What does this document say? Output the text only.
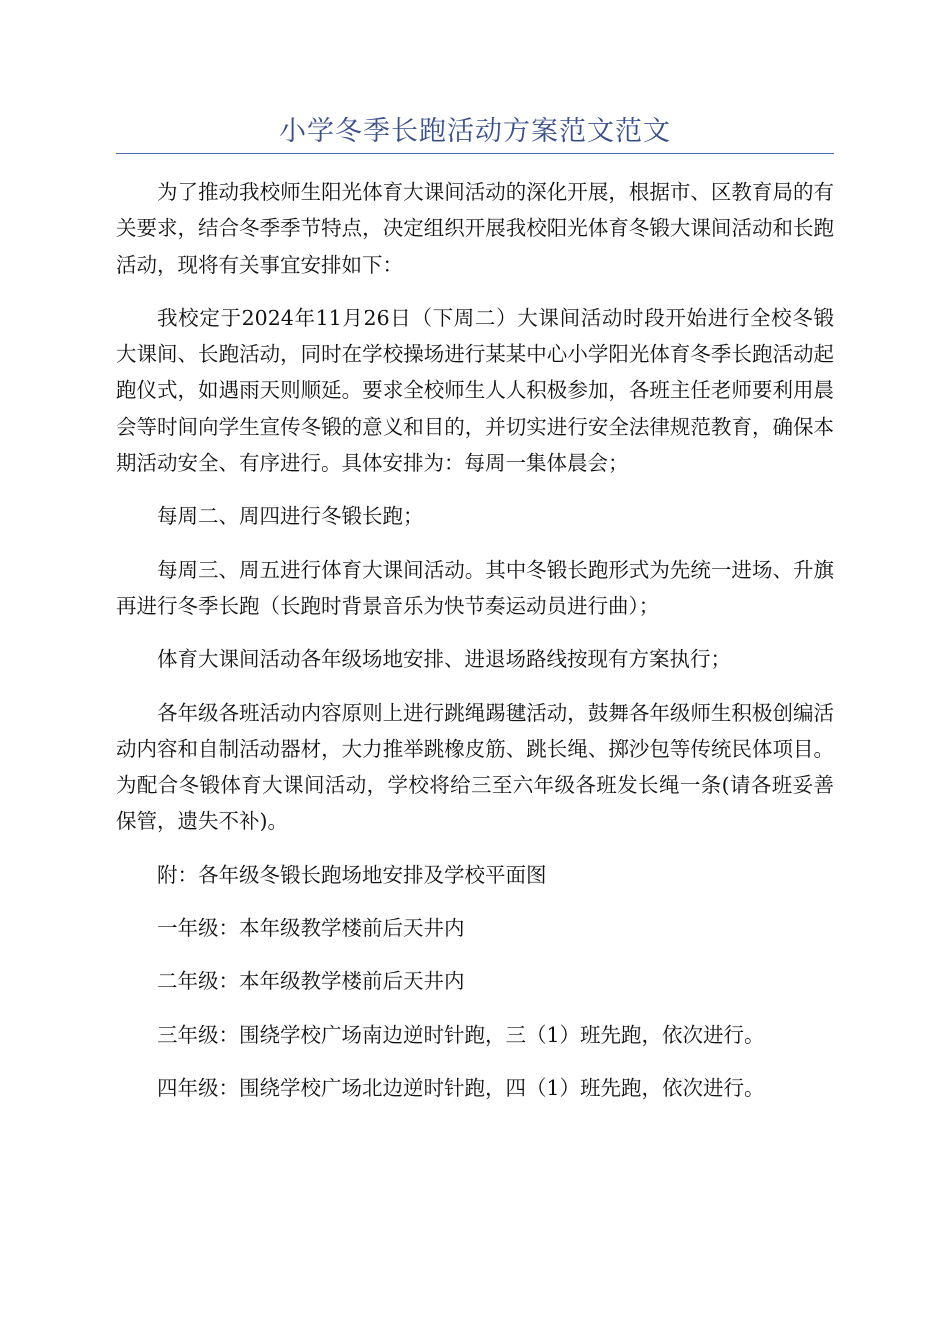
小学冬季长跑活动方案范文范文

为了推动我校师生阳光体育大课间活动的深化开展，根据市、区教育局的有关要求，结合冬季季节特点，决定组织开展我校阳光体育冬锻大课间活动和长跑活动，现将有关事宜安排如下：

我校定于2024年11月26日（下周二）大课间活动时段开始进行全校冬锻大课间、长跑活动，同时在学校操场进行某某中心小学阳光体育冬季长跑活动起跑仪式，如遇雨天则顺延。要求全校师生人人积极参加，各班主任老师要利用晨会等时间向学生宣传冬锻的意义和目的，并切实进行安全法律规范教育，确保本期活动安全、有序进行。具体安排为：每周一集体晨会；

每周二、周四进行冬锻长跑；

每周三、周五进行体育大课间活动。其中冬锻长跑形式为先统一进场、升旗再进行冬季长跑（长跑时背景音乐为快节奏运动员进行曲）；

体育大课间活动各年级场地安排、进退场路线按现有方案执行；

各年级各班活动内容原则上进行跳绳踢毽活动，鼓舞各年级师生积极创编活动内容和自制活动器材，大力推举跳橡皮筋、跳长绳、掷沙包等传统民体项目。为配合冬锻体育大课间活动，学校将给三至六年级各班发长绳一条(请各班妥善保管，遗失不补)。

附：各年级冬锻长跑场地安排及学校平面图

一年级：本年级教学楼前后天井内

二年级：本年级教学楼前后天井内

三年级：围绕学校广场南边逆时针跑，三（1）班先跑，依次进行。

四年级：围绕学校广场北边逆时针跑，四（1）班先跑，依次进行。
